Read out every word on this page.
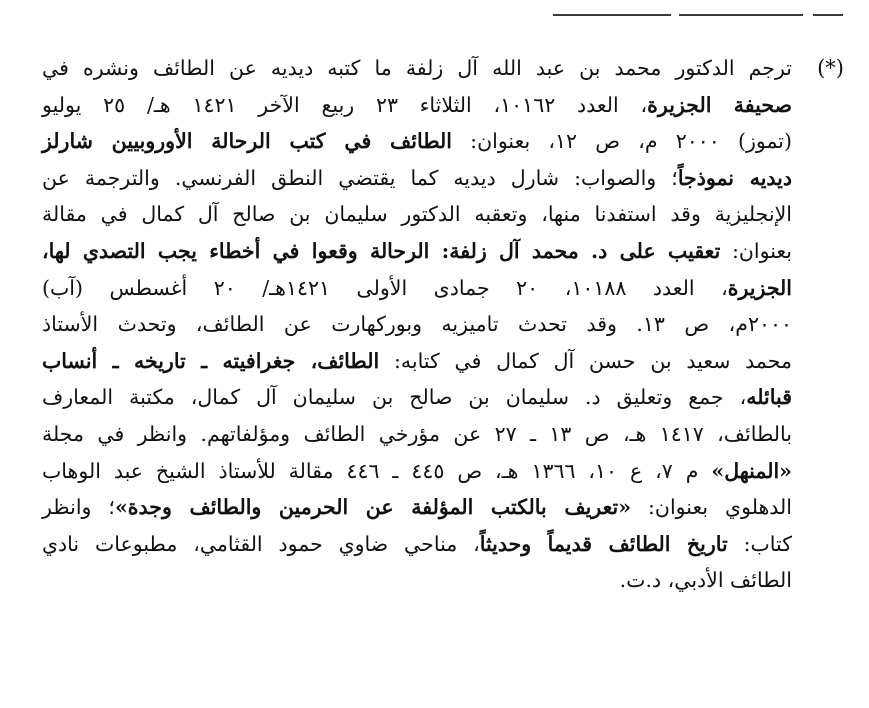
(*)
ترجم الدكتور محمد بن عبد الله آل زلفة ما كتبه ديديه عن الطائف ونشره في
صحيفة الجزيرة، العدد ١٠١٦٢، الثلاثاء ٢٣ ربيع الآخر ١٤٢١ هـ/ ٢٥ يوليو
(تموز) ٢٠٠٠ م، ص ١٢، بعنوان: الطائف في كتب الرحالة الأوروبيين شارلز
ديديه نموذجاً؛ والصواب: شارل ديديه كما يقتضي النطق الفرنسي. والترجمة عن
الإنجليزية وقد استفدنا منها، وتعقبه الدكتور سليمان بن صالح آل كمال في مقالة
بعنوان: تعقيب على د. محمد آل زلفة: الرحالة وقعوا في أخطاء يجب التصدي لها،
الجزيرة، العدد ١٠١٨٨، ٢٠ جمادى الأولى ١٤٢١هـ/ ٢٠ أغسطس (آب)
٢٠٠٠م، ص ١٣. وقد تحدث تاميزيه وبوركهارت عن الطائف، وتحدث الأستاذ
محمد سعيد بن حسن آل كمال في كتابه: الطائف، جغرافيته ـ تاريخه ـ أنساب
قبائله، جمع وتعليق د. سليمان بن صالح بن سليمان آل كمال، مكتبة المعارف
بالطائف، ١٤١٧ هـ، ص ١٣ ـ ٢٧ عن مؤرخي الطائف ومؤلفاتهم. وانظر في مجلة
«المنهل» م ٧، ع ١٠، ١٣٦٦ هـ، ص ٤٤٥ ـ ٤٤٦ مقالة للأستاذ الشيخ عبد الوهاب
الدهلوي بعنوان: «تعريف بالكتب المؤلفة عن الحرمين والطائف وجدة»؛ وانظر
كتاب: تاريخ الطائف قديماً وحديثاً، مناحي ضاوي حمود القثامي، مطبوعات نادي
الطائف الأدبي، د.ت.
